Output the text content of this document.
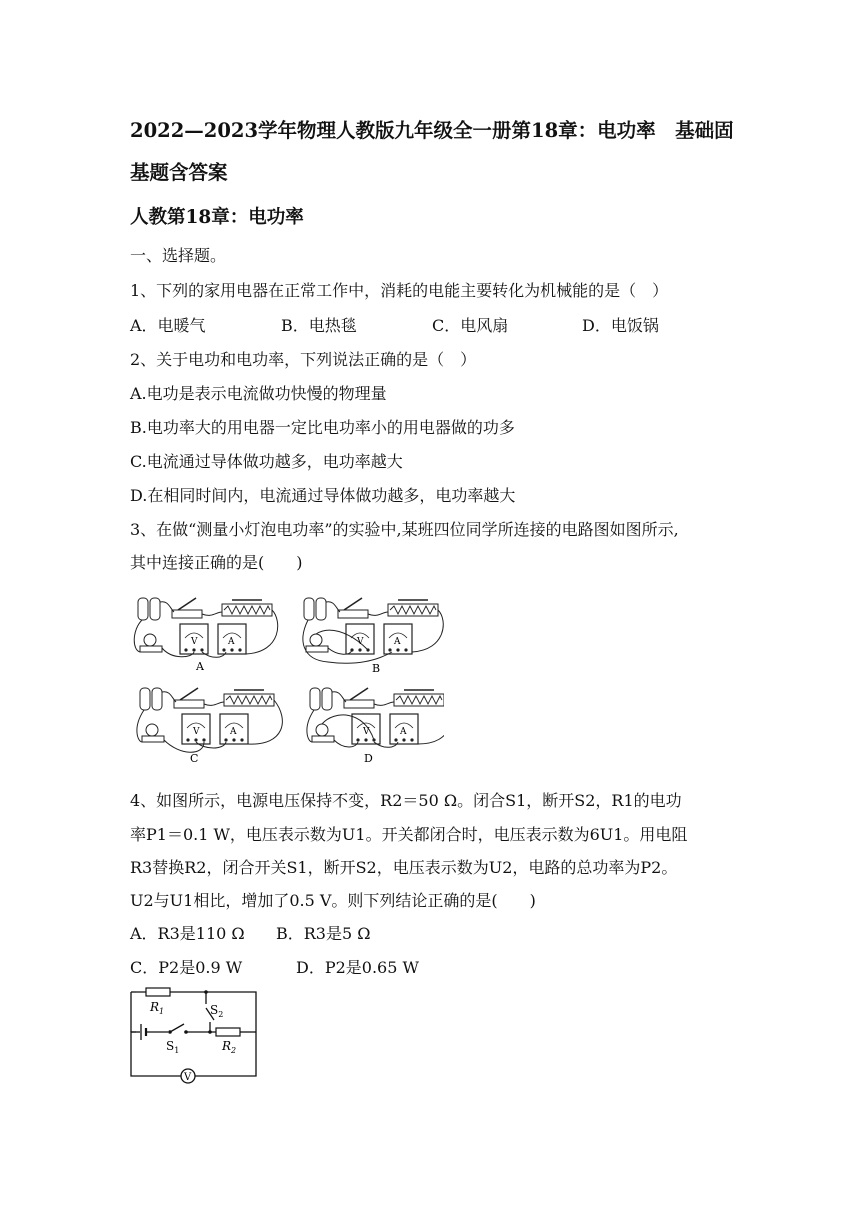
2022—2023学年物理人教版九年级全一册第18章：电功率　基础固
基题含答案
人教第18章：电功率
一、选择题。
1、下列的家用电器在正常工作中，消耗的电能主要转化为机械能的是（　）
A．电暖气	B．电热毯	C．电风扇	D．电饭锅
2、关于电功和电功率，下列说法正确的是（　）
A.电功是表示电流做功快慢的物理量
B.电功率大的用电器一定比电功率小的用电器做的功多
C.电流通过导体做功越多，电功率越大
D.在相同时间内，电流通过导体做功越多，电功率越大
3、在做“测量小灯泡电功率”的实验中,某班四位同学所连接的电路图如图所示,
其中连接正确的是(　　)
V	A
A
V	A
B
V	A
C
V	A
D
4、如图所示，电源电压保持不变，R2＝50 Ω。闭合S1，断开S2，R1的电功
率P1＝0.1 W，电压表示数为U1。开关都闭合时，电压表示数为6U1。用电阻
R3替换R2，闭合开关S1，断开S2，电压表示数为U2，电路的总功率为P2。
U2与U1相比，增加了0.5 V。则下列结论正确的是(　　)
A．R3是110 Ω B．R3是5 Ω
C．P2是0.9 W	D．P2是0.65 W
V
$R_1$	$S_2$
$S_1$	$R_2$
